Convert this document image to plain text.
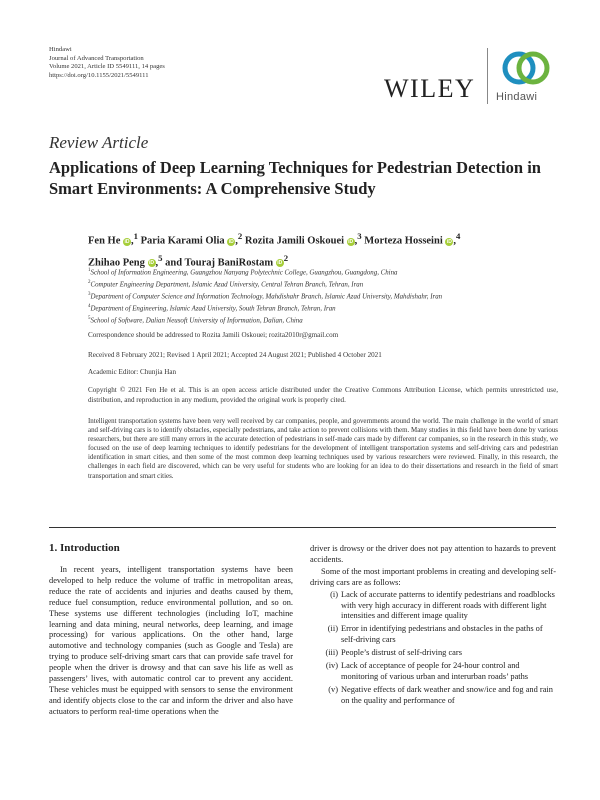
Hindawi
Journal of Advanced Transportation
Volume 2021, Article ID 5549111, 14 pages
https://doi.org/10.1155/2021/5549111	WILEY Hindawi
Review Article
Applications of Deep Learning Techniques for Pedestrian Detection in Smart Environments: A Comprehensive Study
Fen He iD ,$^1$ Paria Karami Olia iD ,$^2$ Rozita Jamili Oskouei iD ,$^3$ Morteza Hosseini iD ,$^4$
Zhihao Peng iD ,$^5$ and Touraj BaniRostam $iD^2$
$^1$School of Information Engineering, Guangzhou Nanyang Polytechnic College, Guangzhou, Guangdong, China
$^2$Computer Engineering Department, Islamic Azad University, Central Tehran Branch, Tehran, Iran
$^3$Department of Computer Science and Information Technology, Mahdishahr Branch, Islamic Azad University, Mahdishahr, Iran
$^4$Department of Engineering, Islamic Azad University, South Tehran Branch, Tehran, Iran
$^5$School of Software, Dalian Neusoft University of Information, Dalian, China
Correspondence should be addressed to Rozita Jamili Oskouei; rozita2010r@gmail.com
Received 8 February 2021; Revised 1 April 2021; Accepted 24 August 2021; Published 4 October 2021
Academic Editor: Chunjia Han
Copyright © 2021 Fen He et al. This is an open access article distributed under the Creative Commons Attribution License, which permits unrestricted use, distribution, and reproduction in any medium, provided the original work is properly cited.
Intelligent transportation systems have been very well received by car companies, people, and governments around the world. The main challenge in the world of smart and self-driving cars is to identify obstacles, especially pedestrians, and take action to prevent collisions with them. Many studies in this field have been done by various researchers, but there are still many errors in the accurate detection of pedestrians in self-made cars made by different car companies, so in the research in this study, we focused on the use of deep learning techniques to identify pedestrians for the development of intelligent transportation systems and self-driving cars and pedestrian identification in smart cities, and then some of the most common deep learning techniques used by various researchers were reviewed. Finally, in this research, the challenges in each field are discovered, which can be very useful for students who are looking for an idea to do their dissertations and research in the field of smart transportation and smart cities.
1. Introduction

In recent years, intelligent transportation systems have been developed to help reduce the volume of traffic in metropolitan areas, reduce the rate of accidents and injuries and deaths caused by them, reduce fuel consumption, reduce environmental pollution, and so on. These systems use different technologies (including IoT, machine learning and data mining, neural networks, deep learning, and image processing) for various applications. On the other hand, large automotive and technology companies (such as Google and Tesla) are trying to produce self-driving smart cars that can provide safe travel for people when the driver is drowsy and that can save his life as well as passengers’ lives, with automatic control car to prevent any accident. These vehicles must be equipped with sensors to sense the environment and identify objects close to the car and inform the driver and also have actuators to perform real-time operations when the

driver is drowsy or the driver does not pay attention to hazards to prevent accidents.

Some of the most important problems in creating and developing self-driving cars are as follows:

(i) Lack of accurate patterns to identify pedestrians and roadblocks with very high accuracy in different roads with different light intensities and different image quality
(ii) Error in identifying pedestrians and obstacles in the paths of self-driving cars
(iii) People’s distrust of self-driving cars
(iv) Lack of acceptance of people for 24-hour control and monitoring of various urban and interurban roads’ paths
(v) Negative effects of dark weather and snow/ice and fog and rain on the quality and performance of
